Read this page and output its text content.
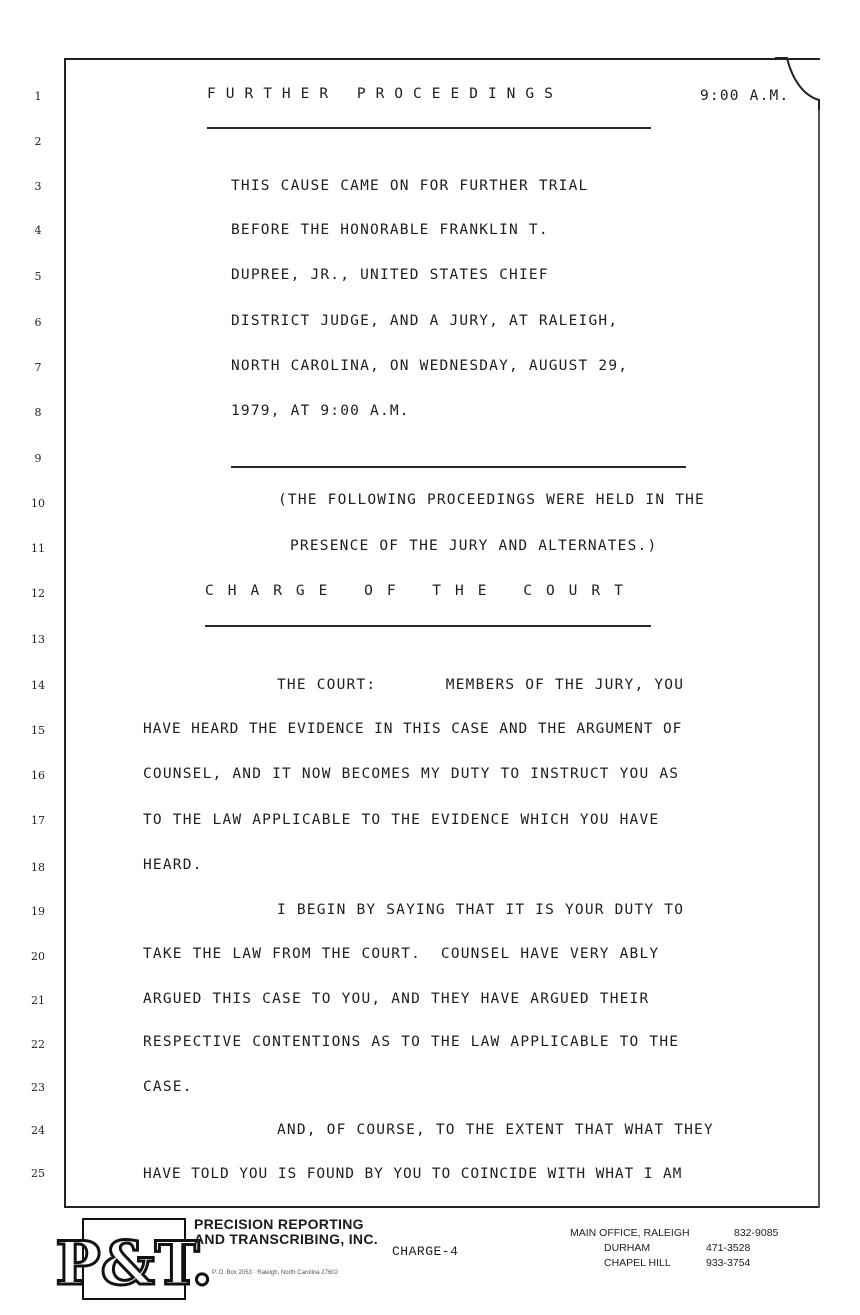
1
2
3
4
5
6
7
8
9
10
11
12
13
14
15
16
17
18
19
20
21
22
23
24
25
FURTHER PROCEEDINGS	9:00 A.M.
THIS CAUSE CAME ON FOR FURTHER TRIAL
BEFORE THE HONORABLE FRANKLIN T.
DUPREE, JR., UNITED STATES CHIEF
DISTRICT JUDGE, AND A JURY, AT RALEIGH,
NORTH CAROLINA, ON WEDNESDAY, AUGUST 29,
1979, AT 9:00 A.M.
(THE FOLLOWING PROCEEDINGS WERE HELD IN THE
PRESENCE OF THE JURY AND ALTERNATES.)
CHARGE OF THE COURT
THE COURT:       MEMBERS OF THE JURY, YOU
HAVE HEARD THE EVIDENCE IN THIS CASE AND THE ARGUMENT OF
COUNSEL, AND IT NOW BECOMES MY DUTY TO INSTRUCT YOU AS
TO THE LAW APPLICABLE TO THE EVIDENCE WHICH YOU HAVE
HEARD.
I BEGIN BY SAYING THAT IT IS YOUR DUTY TO
TAKE THE LAW FROM THE COURT.  COUNSEL HAVE VERY ABLY
ARGUED THIS CASE TO YOU, AND THEY HAVE ARGUED THEIR
RESPECTIVE CONTENTIONS AS TO THE LAW APPLICABLE TO THE
CASE.
AND, OF COURSE, TO THE EXTENT THAT WHAT THEY
HAVE TOLD YOU IS FOUND BY YOU TO COINCIDE WITH WHAT I AM
P&T.
PRECISION REPORTING
AND TRANSCRIBING, INC.
P. O. Box 2053 · Raleigh, North Carolina 27602
CHARGE-4
MAIN OFFICE, RALEIGH	832-9085
DURHAM	471-3528
CHAPEL HILL	933-3754
